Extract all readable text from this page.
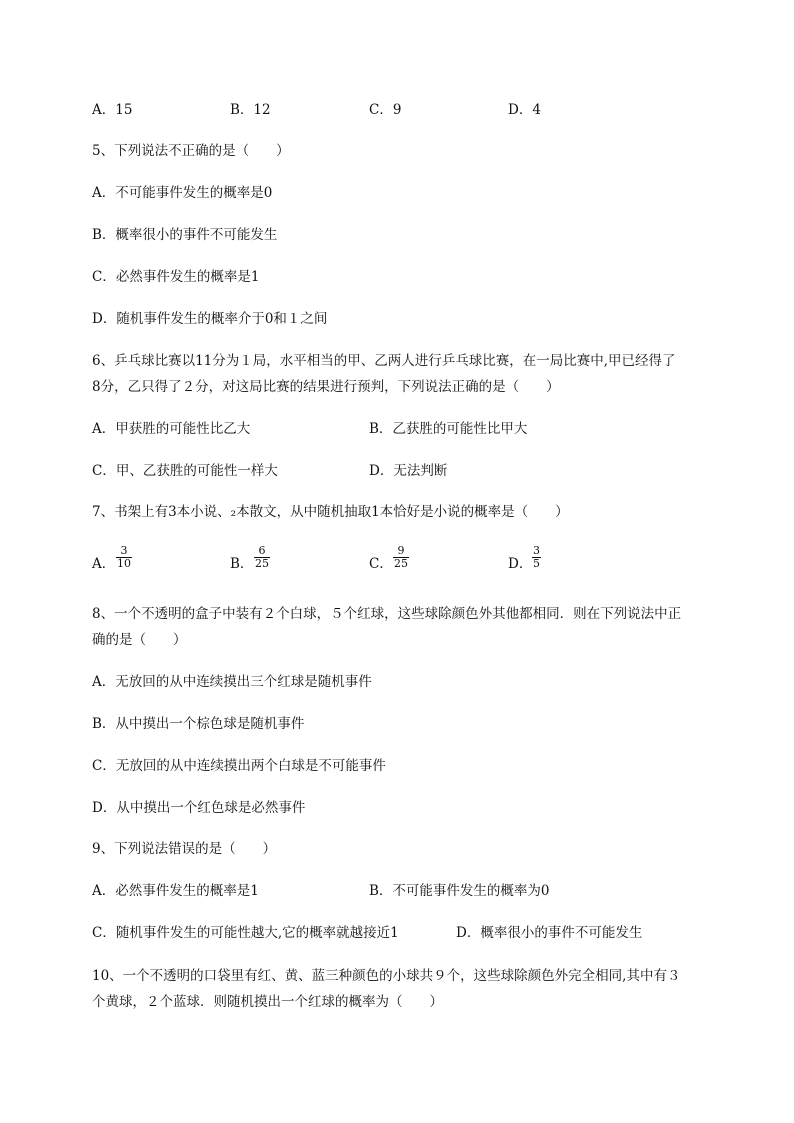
A．15	B．12	C．9	D．4
5、下列说法不正确的是（　　）
A．不可能事件发生的概率是0
B．概率很小的事件不可能发生
C．必然事件发生的概率是1
D．随机事件发生的概率介于0和１之间
6、乒乓球比赛以11分为１局，水平相当的甲、乙两人进行乒乓球比赛，在一局比赛中,甲已经得了
8分，乙只得了２分，对这局比赛的结果进行预判，下列说法正确的是（　　）
A．甲获胜的可能性比乙大	B．乙获胜的可能性比甲大
C．甲、乙获胜的可能性一样大	D．无法判断
7、书架上有3本小说、₂本散文，从中随机抽取1本恰好是小说的概率是（　　）
A． $\frac{3}{10}$	B． $\frac{6}{25}$	C． $\frac{9}{25}$	D． $\frac{3}{5}$
8、一个不透明的盒子中装有２个白球，５个红球，这些球除颜色外其他都相同．则在下列说法中正
确的是（　　）
A．无放回的从中连续摸出三个红球是随机事件
B．从中摸出一个棕色球是随机事件
C．无放回的从中连续摸出两个白球是不可能事件
D．从中摸出一个红色球是必然事件
9、下列说法错误的是（　　）
A．必然事件发生的概率是1	B．不可能事件发生的概率为0
C．随机事件发生的可能性越大,它的概率就越接近1	D．概率很小的事件不可能发生
10、一个不透明的口袋里有红、黄、蓝三种颜色的小球共９个，这些球除颜色外完全相同,其中有３
个黄球，２个蓝球．则随机摸出一个红球的概率为（　　）
